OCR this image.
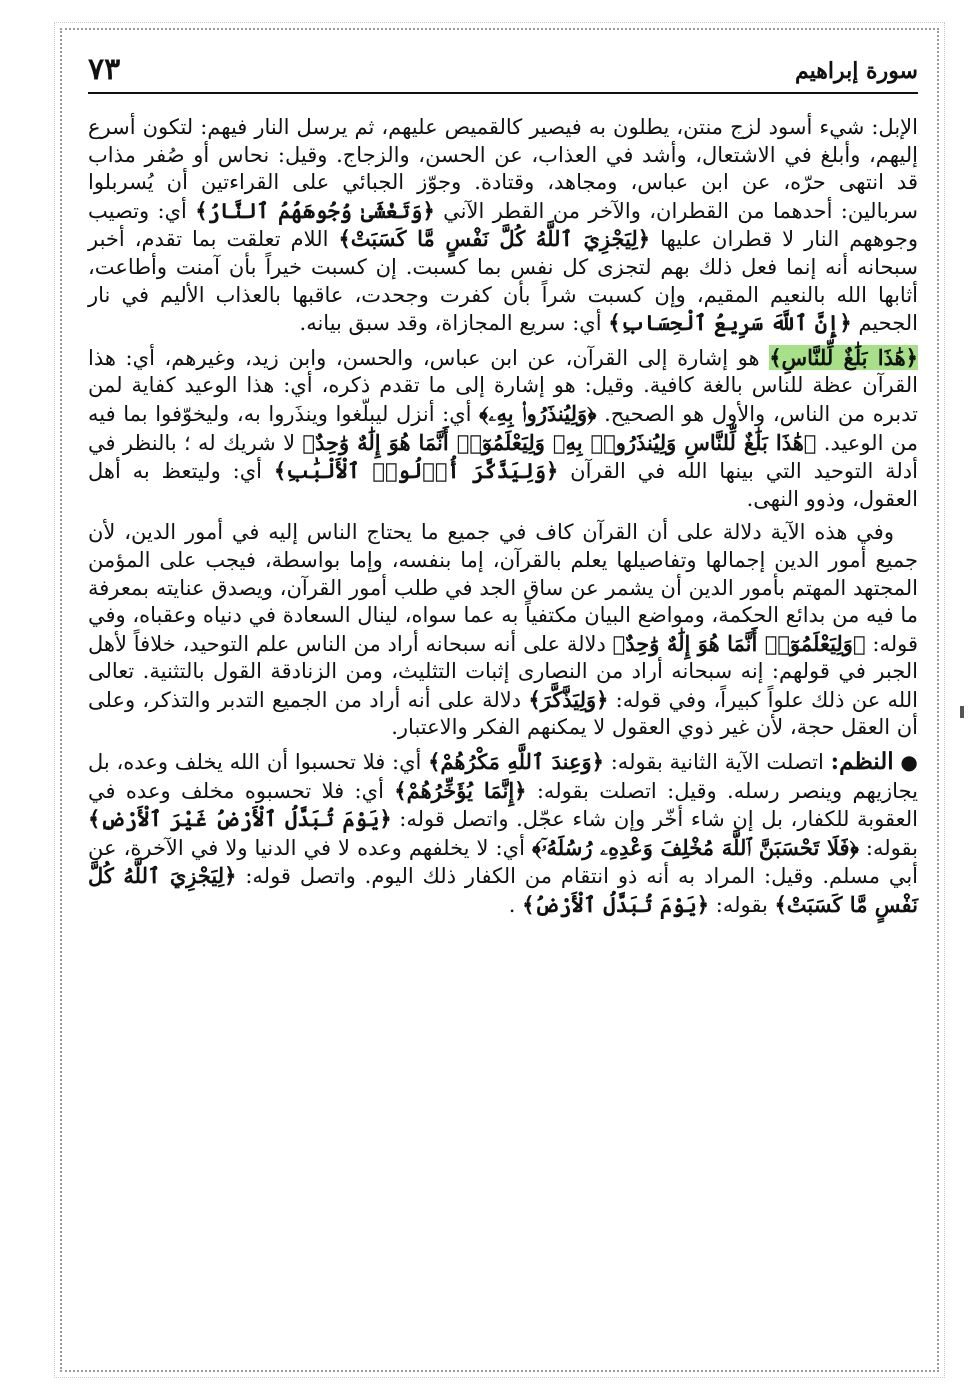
سورة إبراهيم
٧٣

الإبل: شيء أسود لزج منتن، يطلون به فيصير كالقميص عليهم، ثم يرسل النار فيهم: لتكون أسرع إليهم، وأبلغ في الاشتعال، وأشد في العذاب، عن الحسن، والزجاج. وقيل: نحاس أو صُفر مذاب قد انتهى حرّه، عن ابن عباس، ومجاهد، وقتادة. وجوّز الجبائي على القراءتين أن يُسربلوا سربالين: أحدهما من القطران، والآخر من القطر الآني ﴿وَتَغْشَىٰ وُجُوهَهُمُ ٱلنَّارُ﴾ أي: وتصيب وجوههم النار لا قطران عليها ﴿لِيَجْزِيَ ٱللَّهُ كُلَّ نَفْسٍ مَّا كَسَبَتْ﴾ اللام تعلقت بما تقدم، أخبر سبحانه أنه إنما فعل ذلك بهم لتجزى كل نفس بما كسبت. إن كسبت خيراً بأن آمنت وأطاعت، أثابها الله بالنعيم المقيم، وإن كسبت شراً بأن كفرت وجحدت، عاقبها بالعذاب الأليم في نار الجحيم ﴿إِنَّ ٱللَّهَ سَرِيعُ ٱلْحِسَابِ﴾ أي: سريع المجازاة، وقد سبق بيانه.

﴿هَٰذَا بَلَٰغٌ لِّلنَّاسِ﴾ هو إشارة إلى القرآن، عن ابن عباس، والحسن، وابن زيد، وغيرهم، أي: هذا القرآن عظة للناس بالغة كافية. وقيل: هو إشارة إلى ما تقدم ذكره، أي: هذا الوعيد كفاية لمن تدبره من الناس، والأول هو الصحيح. ﴿وَلِيُنذَرُوا۟ بِهِۦ﴾ أي: أنزل ليبلّغوا وينذَروا به، وليخوّفوا بما فيه من الوعيد. ﴿هَٰذَا بَلَٰغٌ لِّلنَّاسِ وَلِيُنذَرُوا۟ بِهِۦ وَلِيَعْلَمُوٓا۟ أَنَّمَا هُوَ إِلَٰهٌ وَٰحِدٌ﴾ لا شريك له ؛ بالنظر في أدلة التوحيد التي بينها الله في القرآن ﴿وَلِيَذَّكَّرَ أُو۟لُوا۟ ٱلْأَلْبَٰبِ﴾ أي: وليتعظ به أهل العقول، وذوو النهى.

وفي هذه الآية دلالة على أن القرآن كاف في جميع ما يحتاج الناس إليه في أمور الدين، لأن جميع أمور الدين إجمالها وتفاصيلها يعلم بالقرآن، إما بنفسه، وإما بواسطة، فيجب على المؤمن المجتهد المهتم بأمور الدين أن يشمر عن ساق الجد في طلب أمور القرآن، ويصدق عنايته بمعرفة ما فيه من بدائع الحكمة، ومواضع البيان مكتفياً به عما سواه، لينال السعادة في دنياه وعقباه، وفي قوله: ﴿وَلِيَعْلَمُوٓا۟ أَنَّمَا هُوَ إِلَٰهٌ وَٰحِدٌ﴾ دلالة على أنه سبحانه أراد من الناس علم التوحيد، خلافاً لأهل الجبر في قولهم: إنه سبحانه أراد من النصارى إثبات التثليث، ومن الزنادقة القول بالتثنية. تعالى الله عن ذلك علواً كبيراً، وفي قوله: ﴿وَلِيَذَّكَّرَ﴾ دلالة على أنه أراد من الجميع التدبر والتذكر، وعلى أن العقل حجة، لأن غير ذوي العقول لا يمكنهم الفكر والاعتبار.

● النظم: اتصلت الآية الثانية بقوله: ﴿وَعِندَ ٱللَّهِ مَكْرُهُمْ﴾ أي: فلا تحسبوا أن الله يخلف وعده، بل يجازيهم وينصر رسله. وقيل: اتصلت بقوله: ﴿إِنَّمَا يُؤَخِّرُهُمْ﴾ أي: فلا تحسبوه مخلف وعده في العقوبة للكفار، بل إن شاء أخّر وإن شاء عجّل. واتصل قوله: ﴿يَوْمَ تُبَدَّلُ ٱلْأَرْضُ غَيْرَ ٱلْأَرْضِ﴾ بقوله: ﴿فَلَا تَحْسَبَنَّ ٱللَّهَ مُخْلِفَ وَعْدِهِۦ رُسُلَهُۥٓ﴾ أي: لا يخلفهم وعده لا في الدنيا ولا في الآخرة، عن أبي مسلم. وقيل: المراد به أنه ذو انتقام من الكفار ذلك اليوم. واتصل قوله: ﴿لِيَجْزِيَ ٱللَّهُ كُلَّ نَفْسٍ مَّا كَسَبَتْ﴾ بقوله: ﴿يَوْمَ تُبَدَّلُ ٱلْأَرْضُ﴾ .
